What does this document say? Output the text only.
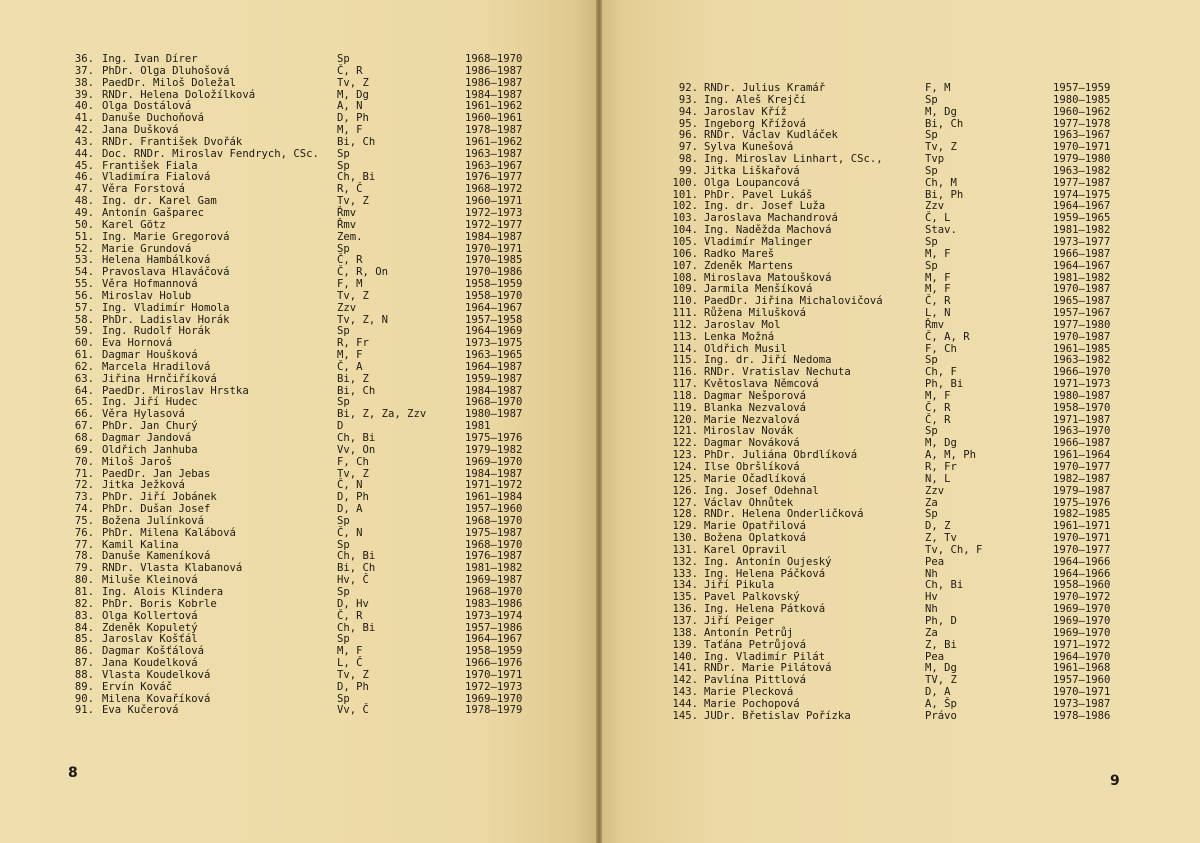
36. Ing. Ivan Dírer	Sp	1968—1970
37. PhDr. Olga Dluhošová	Č, R	1986—1987
38. PaedDr. Miloš Doležal	Tv, Z	1986—1987
39. RNDr. Helena Doložílková	M, Dg	1984—1987
40. Olga Dostálová	A, N	1961—1962
41. Danuše Duchoňová	D, Ph	1960—1961
42. Jana Dušková	M, F	1978—1987
43. RNDr. František Dvořák	Bi, Ch	1961—1962
44. Doc. RNDr. Miroslav Fendrych, CSc. Sp	1963—1987
45. František Fiala	Sp	1963—1967
46. Vladimíra Fialová	Ch, Bi	1976—1977
47. Věra Forstová	R, Č	1968—1972
48. Ing. dr. Karel Gam	Tv, Z	1960—1971
49. Antonín Gašparec	Řmv	1972—1973
50. Karel Götz	Řmv	1972—1977
51. Ing. Marie Gregorová	Zem.	1984—1987
52. Marie Grundová	Sp	1970—1971
53. Helena Hambálková	Č, R	1970—1985
54. Pravoslava Hlaváčová	Č, R, On	1970—1986
55. Věra Hofmannová	F, M	1958—1959
56. Miroslav Holub	Tv, Z	1958—1970
57. Ing. Vladimír Homola	Zzv	1964—1967
58. PhDr. Ladislav Horák	Tv, Z, N	1957—1958
59. Ing. Rudolf Horák	Sp	1964—1969
60. Eva Hornová	R, Fr	1973—1975
61. Dagmar Houšková	M, F	1963—1965
62. Marcela Hradilová	Č, A	1964—1987
63. Jiřina Hrnčiříková	Bi, Z	1959—1987
64. PaedDr. Miroslav Hrstka	Bi, Ch	1984—1987
65. Ing. Jiří Hudec	Sp	1968—1970
66. Věra Hylasová	Bi, Z, Za, Zzv	1980—1987
67. PhDr. Jan Churý	D	1981
68. Dagmar Jandová	Ch, Bi	1975—1976
69. Oldřich Janhuba	Vv, On	1979—1982
70. Miloš Jaroš	F, Ch	1969—1970
71. PaedDr. Jan Jebas	Tv, Z	1984—1987
72. Jitka Ježková	Č, N	1971—1972
73. PhDr. Jiří Jobánek	D, Ph	1961—1984
74. PhDr. Dušan Josef	D, A	1957—1960
75. Božena Julínková	Sp	1968—1970
76. PhDr. Milena Kalábová	Č, N	1975—1987
77. Kamil Kalina	Sp	1968—1970
78. Danuše Kameníková	Ch, Bi	1976—1987
79. RNDr. Vlasta Klabanová	Bi, Ch	1981—1982
80. Miluše Kleinová	Hv, Č	1969—1987
81. Ing. Alois Klindera	Sp	1968—1970
82. PhDr. Boris Kobrle	D, Hv	1983—1986
83. Olga Kollertová	Č, R	1973—1974
84. Zdeněk Kopuletý	Ch, Bi	1957—1986
85. Jaroslav Košťál	Sp	1964—1967
86. Dagmar Košťálová	M, F	1958—1959
87. Jana Koudelková	L, Č	1966—1976
88. Vlasta Koudelková	Tv, Z	1970—1971
89. Ervín Kováč	D, Ph	1972—1973
90. Milena Kovaříková	Sp	1969—1970
91. Eva Kučerová	Vv, Č	1978—1979
8
92. RNDr. Julius Kramář	F, M	1957—1959
93. Ing. Aleš Krejčí	Sp	1980—1985
94. Jaroslav Kříž	M, Dg	1960—1962
95. Ingeborg Křížová	Bi, Ch	1977—1978
96. RNDr. Václav Kudláček	Sp	1963—1967
97. Sylva Kunešová	Tv, Z	1970—1971
98. Ing. Miroslav Linhart, CSc.,	Tvp	1979—1980
99. Jitka Liškařová	Sp	1963—1982
100. Olga Loupancová	Ch, M	1977—1987
101. PhDr. Pavel Lukáš	Bi, Ph	1974—1975
102. Ing. dr. Josef Luža	Zzv	1964—1967
103. Jaroslava Machandrová	Č, L	1959—1965
104. Ing. Naděžda Machová	Stav.	1981—1982
105. Vladimír Malinger	Sp	1973—1977
106. Radko Mareš	M, F	1966—1987
107. Zdeněk Martens	Sp	1964—1967
108. Miroslava Matoušková	M, F	1981—1982
109. Jarmila Menšíková	M, F	1970—1987
110. PaedDr. Jiřina Michalovičová	Č, R	1965—1987
111. Růžena Milušková	L, N	1957—1967
112. Jaroslav Mol	Řmv	1977—1980
113. Lenka Možná	Č, A, R	1970—1987
114. Oldřich Musil	F, Ch	1961—1985
115. Ing. dr. Jiří Nedoma	Sp	1963—1982
116. RNDr. Vratislav Nechuta	Ch, F	1966—1970
117. Květoslava Němcová	Ph, Bi	1971—1973
118. Dagmar Nešporová	M, F	1980—1987
119. Blanka Nezvalová	Č, R	1958—1970
120. Marie Nezvalová	Č, R	1971—1987
121. Miroslav Novák	Sp	1963—1970
122. Dagmar Nováková	M, Dg	1966—1987
123. PhDr. Juliána Obrdlíková	A, M, Ph	1961—1964
124. Ilse Obršlíková	R, Fr	1970—1977
125. Marie Očadlíková	N, L	1982—1987
126. Ing. Josef Odehnal	Zzv	1979—1987
127. Václav Ohnůtek	Za	1975—1976
128. RNDr. Helena Onderličková	Sp	1982—1985
129. Marie Opatřilová	D, Z	1961—1971
130. Božena Oplatková	Z, Tv	1970—1971
131. Karel Opravil	Tv, Ch, F	1970—1977
132. Ing. Antonín Oujeský	Pea	1964—1966
133. Ing. Helena Páčková	Nh	1964—1966
134. Jiří Pikula	Ch, Bi	1958—1960
135. Pavel Palkovský	Hv	1970—1972
136. Ing. Helena Pátková	Nh	1969—1970
137. Jiří Peiger	Ph, D	1969—1970
138. Antonín Petrůj	Za	1969—1970
139. Taťána Petrůjová	Z, Bi	1971—1972
140. Ing. Vladimír Pilát	Pea	1964—1970
141. RNDr. Marie Pilátová	M, Dg	1961—1968
142. Pavlína Pittlová	TV, Z	1957—1960
143. Marie Plecková	D, A	1970—1971
144. Marie Pochopová	A, Šp	1973—1987
145. JUDr. Břetislav Pořízka	Právo	1978—1986
9
